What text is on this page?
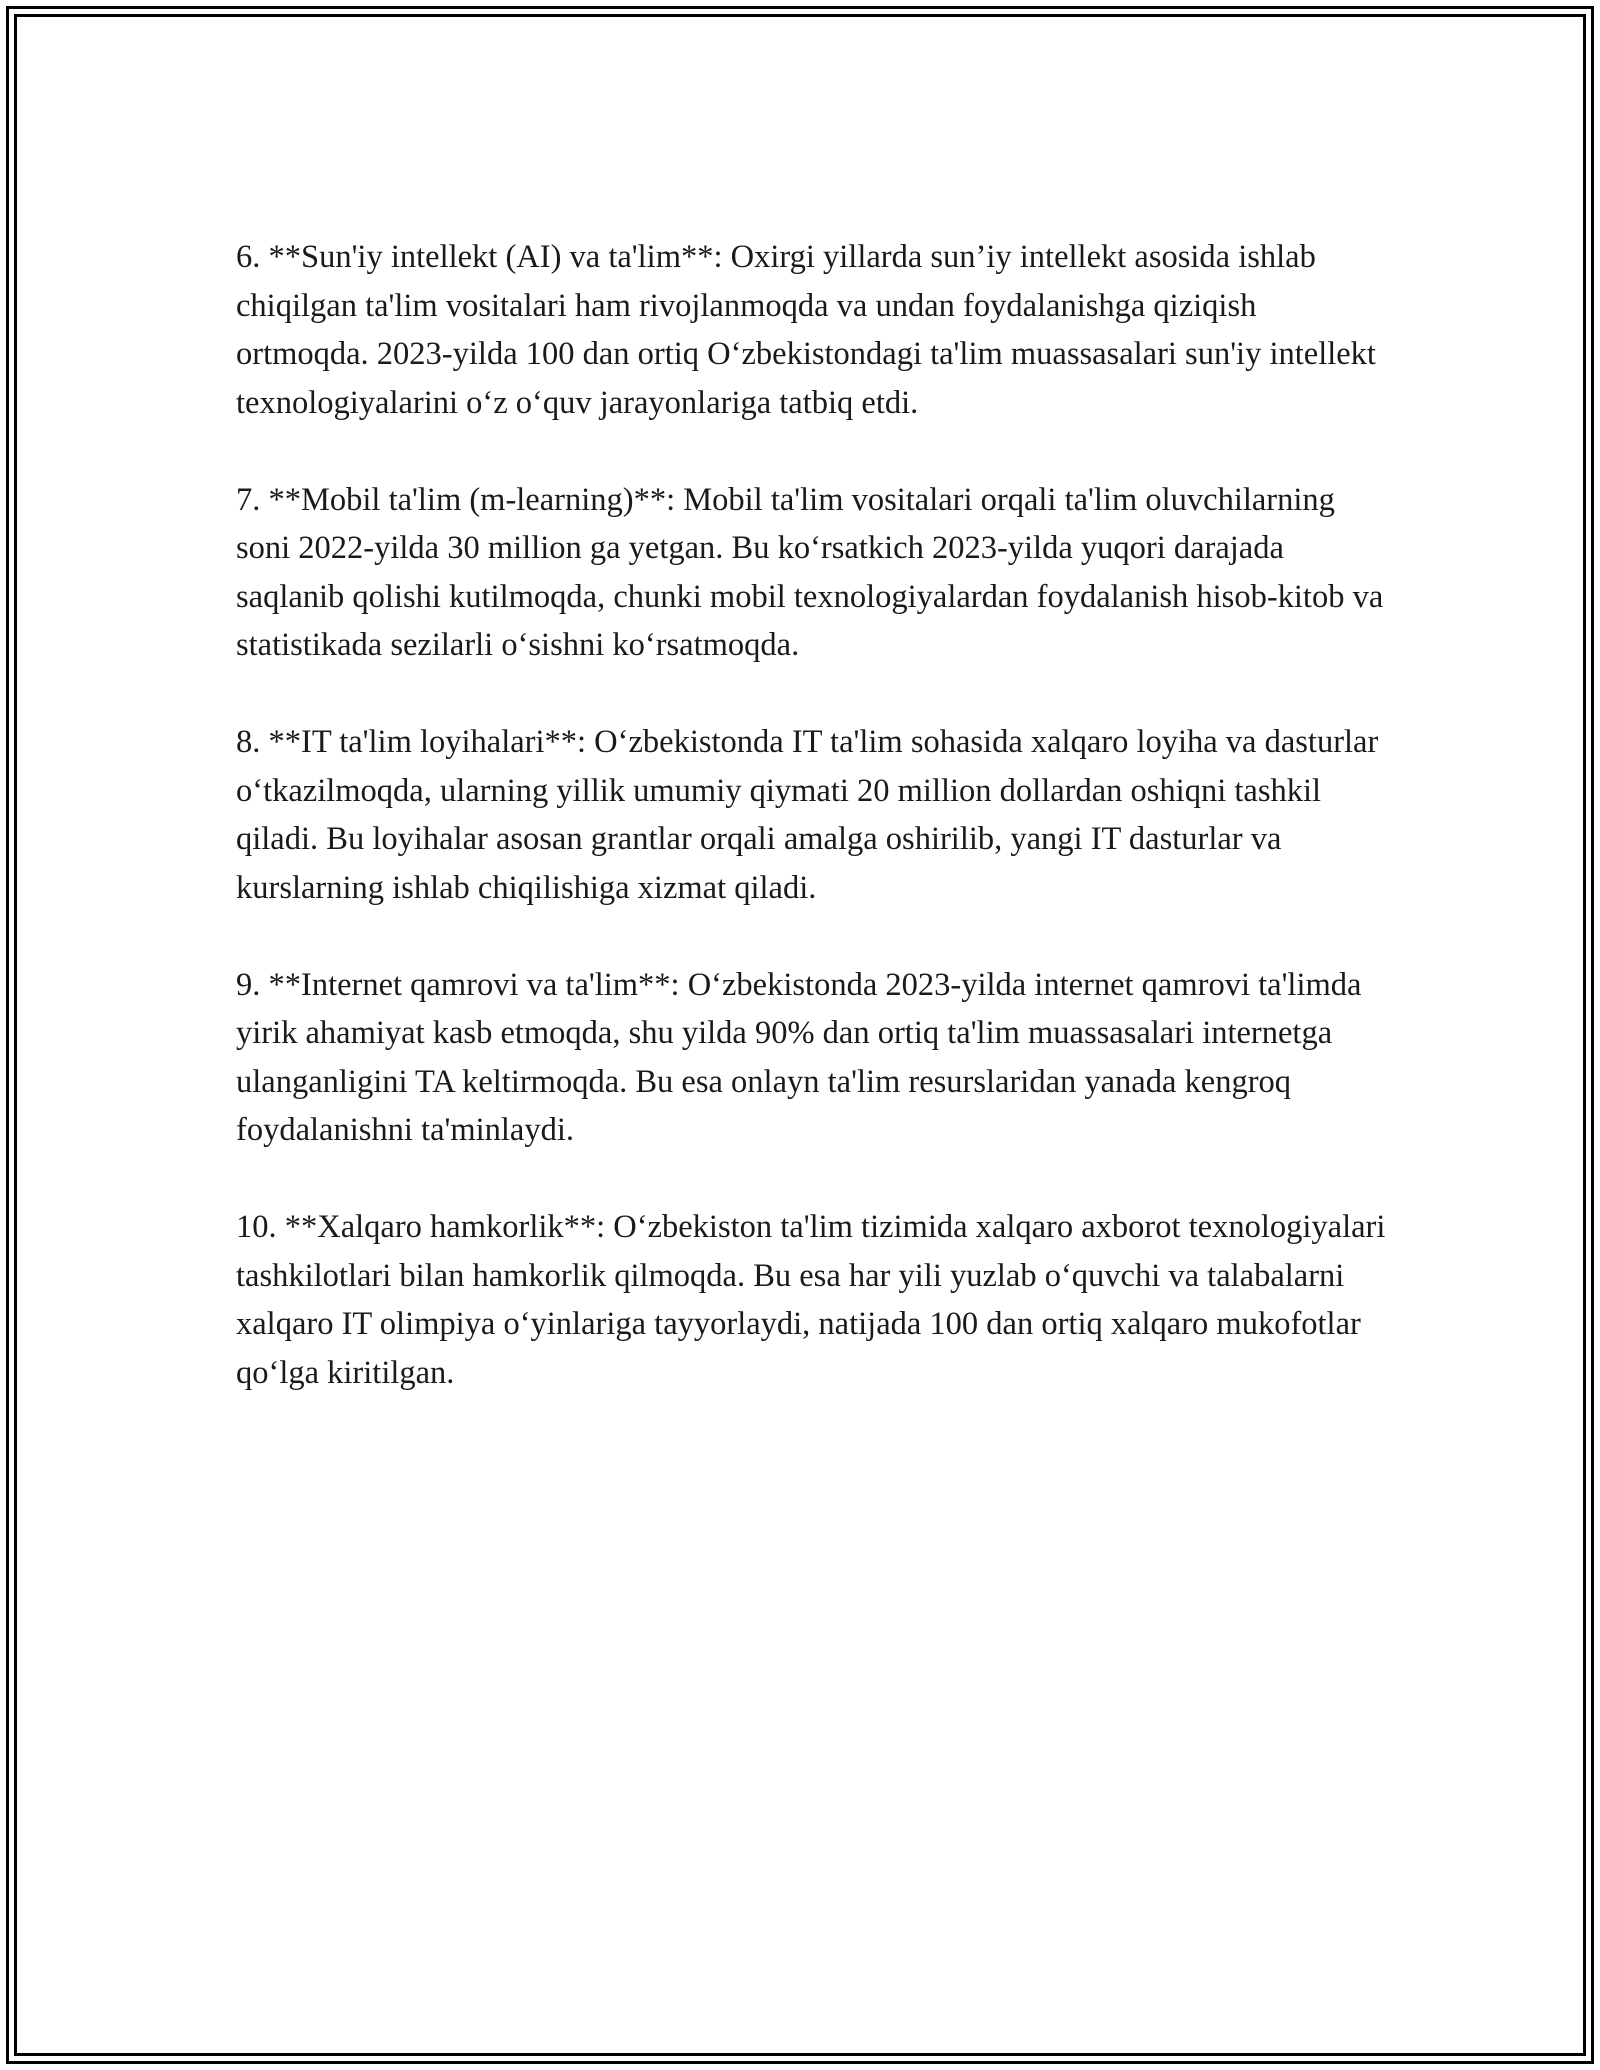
6. **Sun'iy intellekt (AI) va ta'lim**: Oxirgi yillarda sun’iy intellekt asosida ishlab chiqilgan ta'lim vositalari ham rivojlanmoqda va undan foydalanishga qiziqish ortmoqda. 2023-yilda 100 dan ortiq O‘zbekistondagi ta'lim muassasalari sun'iy intellekt texnologiyalarini o‘z o‘quv jarayonlariga tatbiq etdi.

7. **Mobil ta'lim (m-learning)**: Mobil ta'lim vositalari orqali ta'lim oluvchilarning soni 2022-yilda 30 million ga yetgan. Bu ko‘rsatkich 2023-yilda yuqori darajada saqlanib qolishi kutilmoqda, chunki mobil texnologiyalardan foydalanish hisob-kitob va statistikada sezilarli o‘sishni ko‘rsatmoqda.

8. **IT ta'lim loyihalari**: O‘zbekistonda IT ta'lim sohasida xalqaro loyiha va dasturlar o‘tkazilmoqda, ularning yillik umumiy qiymati 20 million dollardan oshiqni tashkil qiladi. Bu loyihalar asosan grantlar orqali amalga oshirilib, yangi IT dasturlar va kurslarning ishlab chiqilishiga xizmat qiladi.

9. **Internet qamrovi va ta'lim**: O‘zbekistonda 2023-yilda internet qamrovi ta'limda yirik ahamiyat kasb etmoqda, shu yilda 90% dan ortiq ta'lim muassasalari internetga ulanganligini TA keltirmoqda. Bu esa onlayn ta'lim resurslaridan yanada kengroq foydalanishni ta'minlaydi.

10. **Xalqaro hamkorlik**: O‘zbekiston ta'lim tizimida xalqaro axborot texnologiyalari tashkilotlari bilan hamkorlik qilmoqda. Bu esa har yili yuzlab o‘quvchi va talabalarni xalqaro IT olimpiya o‘yinlariga tayyorlaydi, natijada 100 dan ortiq xalqaro mukofotlar qo‘lga kiritilgan.
